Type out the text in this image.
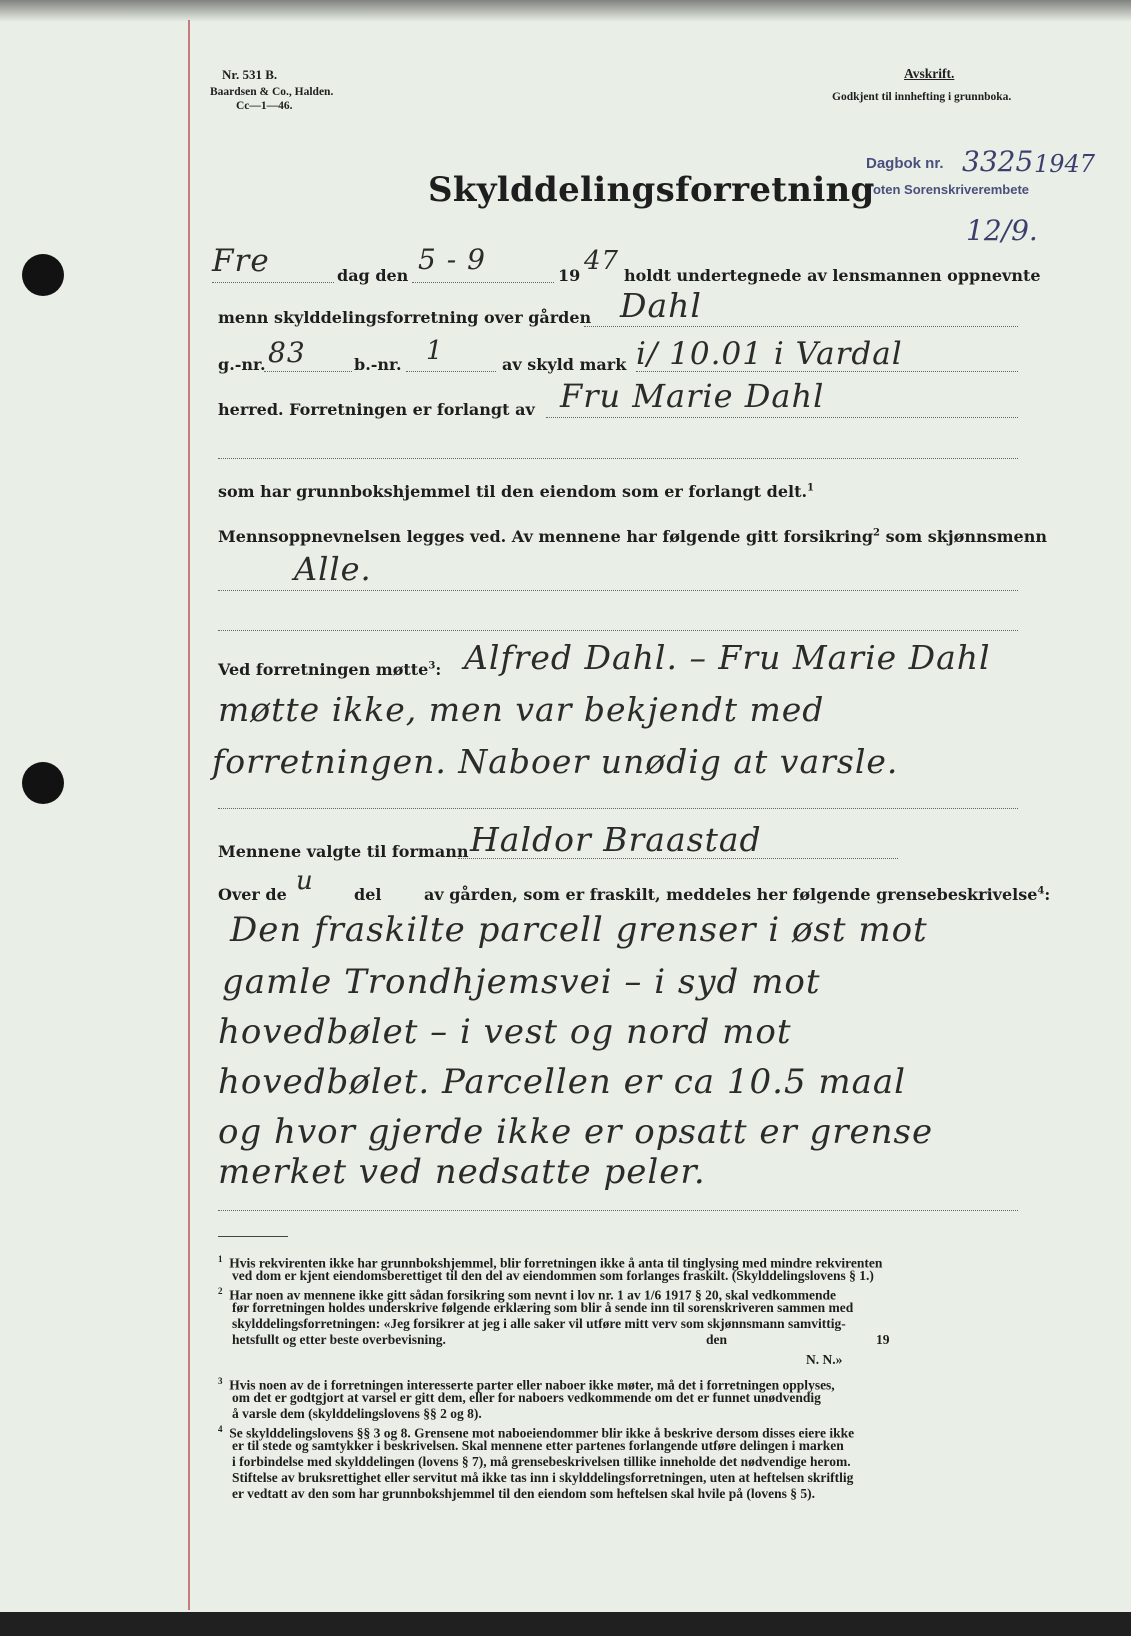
Nr. 531 B.
Baardsen & Co., Halden.
Cc—1—46.
Avskrift.
Godkjent til innhefting i grunnboka.
Dagbok nr. 3325 1947
Toten Sorenskriverembete
12/9.
Skylddelingsforretning
Fre	dag den 5 - 9	19 47 holdt undertegnede av lensmannen oppnevnte
menn skylddelingsforretning over gården Dahl
g.-nr. 83	b.-nr. 1	av skyld mark i/ 10.01 i Vardal
herred. Forretningen er forlangt av Fru Marie Dahl
som har grunnbokshjemmel til den eiendom som er forlangt delt.$^1$
Mennsoppnevnelsen legges ved. Av mennene har følgende gitt forsikring$^2$ som skjønnsmenn
Alle.
Ved forretningen møtte$^3$: Alfred Dahl. – Fru Marie Dahl
møtte ikke, men var bekjendt med
forretningen. Naboer unødig at varsle.
Mennene valgte til formann Haldor Braastad
Over de u	del	av gården, som er fraskilt, meddeles her følgende grensebeskrivelse$^4$:
Den fraskilte parcell grenser i øst mot
gamle Trondhjemsvei – i syd mot
hovedbølet – i vest og nord mot
hovedbølet. Parcellen er ca 10.5 maal
og hvor gjerde ikke er opsatt er grense
merket ved nedsatte peler.
$^1$ Hvis rekvirenten ikke har grunnbokshjemmel, blir forretningen ikke å anta til tinglysing med mindre rekvirenten
ved dom er kjent eiendomsberettiget til den del av eiendommen som forlanges fraskilt. (Skylddelingslovens § 1.)
$^2$ Har noen av mennene ikke gitt sådan forsikring som nevnt i lov nr. 1 av 1/6 1917 § 20, skal vedkommende
før forretningen holdes underskrive følgende erklæring som blir å sende inn til sorenskriveren sammen med
skylddelingsforretningen: «Jeg forsikrer at jeg i alle saker vil utføre mitt verv som skjønnsmann samvittig-
hetsfullt og etter beste overbevisning.	den	19
N. N.»
$^3$ Hvis noen av de i forretningen interesserte parter eller naboer ikke møter, må det i forretningen opplyses,
om det er godtgjort at varsel er gitt dem, eller for naboers vedkommende om det er funnet unødvendig
å varsle dem (skylddelingslovens §§ 2 og 8).
$^4$ Se skylddelingslovens §§ 3 og 8. Grensene mot naboeiendommer blir ikke å beskrive dersom disses eiere ikke
er til stede og samtykker i beskrivelsen. Skal mennene etter partenes forlangende utføre delingen i marken
i forbindelse med skylddelingen (lovens § 7), må grensebeskrivelsen tillike inneholde det nødvendige herom.
Stiftelse av bruksrettighet eller servitut må ikke tas inn i skylddelingsforretningen, uten at heftelsen skriftlig
er vedtatt av den som har grunnbokshjemmel til den eiendom som heftelsen skal hvile på (lovens § 5).
